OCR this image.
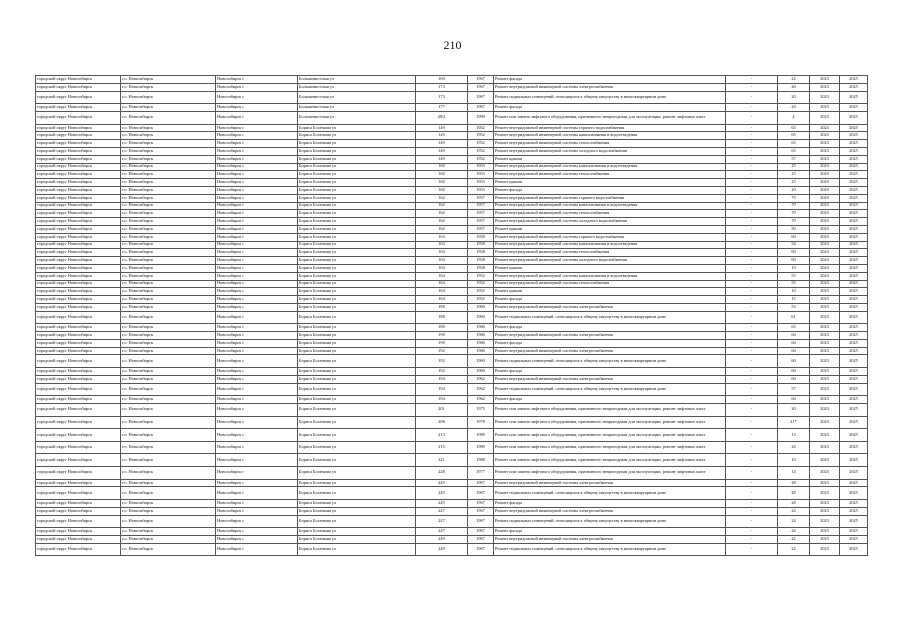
210
городской округ Новосибирск	г.о. Новосибирск	Новосибирск г	Большевистская ул	169	1967	Ремонт фасада	-	22	2023	2025
городской округ Новосибирск	г.о. Новосибирск	Новосибирск г	Большевистская ул	173	1967	Ремонт внутридомовой инженерной системы электроснабжения	-	20	2023	2025
городской округ Новосибирск	г.о. Новосибирск	Новосибирск г	Большевистская ул	173	1967	Ремонт подвальных помещений, относящихся к общему имуществу в многоквартирном доме	-	20	2023	2025
городской округ Новосибирск	г.о. Новосибирск	Новосибирск г	Большевистская ул	177	1967	Ремонт фасада	-	20	2023	2025
городской округ Новосибирск	г.о. Новосибирск	Новосибирск г	Большевистская ул	48/2	1999	Ремонт или замена лифтового оборудования, признанного непригодным для эксплуатации, ремонт лифтовых шахт	-	4	2023	2025
городской округ Новосибирск	г.о. Новосибирск	Новосибирск г	Бориса Богаткова ул	149	1952	Ремонт внутридомовой инженерной системы горячего водоснабжения	-	65	2023	2025
городской округ Новосибирск	г.о. Новосибирск	Новосибирск г	Бориса Богаткова ул	149	1952	Ремонт внутридомовой инженерной системы канализования и водоотведения	-	65	2023	2025
городской округ Новосибирск	г.о. Новосибирск	Новосибирск г	Бориса Богаткова ул	149	1952	Ремонт внутридомовой инженерной системы теплоснабжения	-	65	2023	2025
городской округ Новосибирск	г.о. Новосибирск	Новосибирск г	Бориса Богаткова ул	149	1952	Ремонт внутридомовой инженерной системы холодного водоснабжения	-	65	2023	2025
городской округ Новосибирск	г.о. Новосибирск	Новосибирск г	Бориса Богаткова ул	149	1952	Ремонт крыши	-	57	2023	2025
городской округ Новосибирск	г.о. Новосибирск	Новосибирск г	Бориса Богаткова ул	160	1953	Ремонт внутридомовой инженерной системы канализования и водоотведения	-	25	2023	2025
городской округ Новосибирск	г.о. Новосибирск	Новосибирск г	Бориса Богаткова ул	160	1953	Ремонт внутридомовой инженерной системы теплоснабжения	-	25	2023	2025
городской округ Новосибирск	г.о. Новосибирск	Новосибирск г	Бориса Богаткова ул	160	1953	Ремонт крыши	-	25	2023	2025
городской округ Новосибирск	г.о. Новосибирск	Новосибирск г	Бориса Богаткова ул	160	1953	Ремонт фасада	-	20	2023	2025
городской округ Новосибирск	г.о. Новосибирск	Новосибирск г	Бориса Богаткова ул	162	1957	Ремонт внутридомовой инженерной системы горячего водоснабжения	-	70	2023	2025
городской округ Новосибирск	г.о. Новосибирск	Новосибирск г	Бориса Богаткова ул	162	1957	Ремонт внутридомовой инженерной системы канализования и водоотведения	-	70	2023	2025
городской округ Новосибирск	г.о. Новосибирск	Новосибирск г	Бориса Богаткова ул	162	1957	Ремонт внутридомовой инженерной системы теплоснабжения	-	70	2023	2025
городской округ Новосибирск	г.о. Новосибирск	Новосибирск г	Бориса Богаткова ул	162	1957	Ремонт внутридомовой инженерной системы холодного водоснабжения	-	70	2023	2025
городской округ Новосибирск	г.о. Новосибирск	Новосибирск г	Бориса Богаткова ул	162	1957	Ремонт крыши	-	50	2023	2025
городской округ Новосибирск	г.о. Новосибирск	Новосибирск г	Бориса Богаткова ул	163	1958	Ремонт внутридомовой инженерной системы горячего водоснабжения	-	60	2023	2025
городской округ Новосибирск	г.о. Новосибирск	Новосибирск г	Бориса Богаткова ул	163	1958	Ремонт внутридомовой инженерной системы канализования и водоотведения	-	54	2023	2025
городской округ Новосибирск	г.о. Новосибирск	Новосибирск г	Бориса Богаткова ул	163	1958	Ремонт внутридомовой инженерной системы теплоснабжения	-	60	2023	2025
городской округ Новосибирск	г.о. Новосибирск	Новосибирск г	Бориса Богаткова ул	163	1958	Ремонт внутридомовой инженерной системы холодного водоснабжения	-	60	2023	2025
городской округ Новосибирск	г.о. Новосибирск	Новосибирск г	Бориса Богаткова ул	163	1958	Ремонт крыши	-	10	2023	2025
городской округ Новосибирск	г.о. Новосибирск	Новосибирск г	Бориса Богаткова ул	164	1952	Ремонт внутридомовой инженерной системы канализования и водоотведения	-	55	2023	2025
городской округ Новосибирск	г.о. Новосибирск	Новосибирск г	Бориса Богаткова ул	164	1952	Ремонт внутридомовой инженерной системы теплоснабжения	-	55	2023	2025
городской округ Новосибирск	г.о. Новосибирск	Новосибирск г	Бориса Богаткова ул	164	1952	Ремонт крыши	-	10	2023	2025
городской округ Новосибирск	г.о. Новосибирск	Новосибирск г	Бориса Богаткова ул	164	1952	Ремонт фасада	-	15	2023	2025
городской округ Новосибирск	г.о. Новосибирск	Новосибирск г	Бориса Богаткова ул	188	1960	Ремонт внутридомовой инженерной системы электроснабжения	-	53	2023	2025
городской округ Новосибирск	г.о. Новосибирск	Новосибирск г	Бориса Богаткова ул	188	1960	Ремонт подвальных помещений, относящихся к общему имуществу в многоквартирном доме	-	61	2023	2025
городской округ Новосибирск	г.о. Новосибирск	Новосибирск г	Бориса Богаткова ул	188	1960	Ремонт фасада	-	65	2023	2025
городской округ Новосибирск	г.о. Новосибирск	Новосибирск г	Бориса Богаткова ул	190	1960	Ремонт внутридомовой инженерной системы электроснабжения	-	60	2023	2025
городской округ Новосибирск	г.о. Новосибирск	Новосибирск г	Бориса Богаткова ул	190	1960	Ремонт фасада	-	60	2023	2025
городской округ Новосибирск	г.о. Новосибирск	Новосибирск г	Бориса Богаткова ул	192	1960	Ремонт внутридомовой инженерной системы электроснабжения	-	60	2023	2025
городской округ Новосибирск	г.о. Новосибирск	Новосибирск г	Бориса Богаткова ул	192	1960	Ремонт подвальных помещений, относящихся к общему имуществу в многоквартирном доме	-	60	2023	2025
городской округ Новосибирск	г.о. Новосибирск	Новосибирск г	Бориса Богаткова ул	192	1960	Ремонт фасада	-	60	2023	2025
городской округ Новосибирск	г.о. Новосибирск	Новосибирск г	Бориса Богаткова ул	194	1962	Ремонт внутридомовой инженерной системы электроснабжения	-	60	2023	2025
городской округ Новосибирск	г.о. Новосибирск	Новосибирск г	Бориса Богаткова ул	194	1962	Ремонт подвальных помещений, относящихся к общему имуществу в многоквартирном доме	-	57	2023	2025
городской округ Новосибирск	г.о. Новосибирск	Новосибирск г	Бориса Богаткова ул	194	1962	Ремонт фасада	-	60	2023	2025
городской округ Новосибирск	г.о. Новосибирск	Новосибирск г	Бориса Богаткова ул	201	1975	Ремонт или замена лифтового оборудования, признанного непригодным для эксплуатации, ремонт лифтовых шахт	-	20	2023	2025
городской округ Новосибирск	г.о. Новосибирск	Новосибирск г	Бориса Богаткова ул	206	1978	Ремонт или замена лифтового оборудования, признанного непригодным для эксплуатации, ремонт лифтовых шахт	-	21*	2023	2025
городской округ Новосибирск	г.о. Новосибирск	Новосибирск г	Бориса Богаткова ул	213	1989	Ремонт или замена лифтового оборудования, признанного непригодным для эксплуатации, ремонт лифтовых шахт	-	13	2023	2025
городской округ Новосибирск	г.о. Новосибирск	Новосибирск г	Бориса Богаткова ул	215	1989	Ремонт или замена лифтового оборудования, признанного непригодным для эксплуатации, ремонт лифтовых шахт	-	24	2023	2025
городской округ Новосибирск	г.о. Новосибирск	Новосибирск г	Бориса Богаткова ул	221	1988	Ремонт или замена лифтового оборудования, признанного непригодным для эксплуатации, ремонт лифтовых шахт	-	10	2023	2025
городской округ Новосибирск	г.о. Новосибирск	Новосибирск г	Бориса Богаткова ул	228	1977	Ремонт или замена лифтового оборудования, признанного непригодным для эксплуатации, ремонт лифтовых шахт	-	14	2023	2025
городской округ Новосибирск	г.о. Новосибирск	Новосибирск г	Бориса Богаткова ул	245	1967	Ремонт внутридомовой инженерной системы электроснабжения	-	28	2023	2025
городской округ Новосибирск	г.о. Новосибирск	Новосибирск г	Бориса Богаткова ул	245	1967	Ремонт подвальных помещений, относящихся к общему имуществу в многоквартирном доме	-	28	2023	2025
городской округ Новосибирск	г.о. Новосибирск	Новосибирск г	Бориса Богаткова ул	245	1967	Ремонт фасада	-	28	2023	2025
городской округ Новосибирск	г.о. Новосибирск	Новосибирск г	Бориса Богаткова ул	247	1967	Ремонт внутридомовой инженерной системы электроснабжения	-	24	2023	2025
городской округ Новосибирск	г.о. Новосибирск	Новосибирск г	Бориса Богаткова ул	247	1967	Ремонт подвальных помещений, относящихся к общему имуществу в многоквартирном доме	-	24	2023	2025
городской округ Новосибирск	г.о. Новосибирск	Новосибирск г	Бориса Богаткова ул	247	1967	Ремонт фасада	-	24	2023	2025
городской округ Новосибирск	г.о. Новосибирск	Новосибирск г	Бориса Богаткова ул	249	1967	Ремонт внутридомовой инженерной системы электроснабжения	-	22	2023	2025
городской округ Новосибирск	г.о. Новосибирск	Новосибирск г	Бориса Богаткова ул	249	1967	Ремонт подвальных помещений, относящихся к общему имуществу в многоквартирном доме	-	22	2023	2025
